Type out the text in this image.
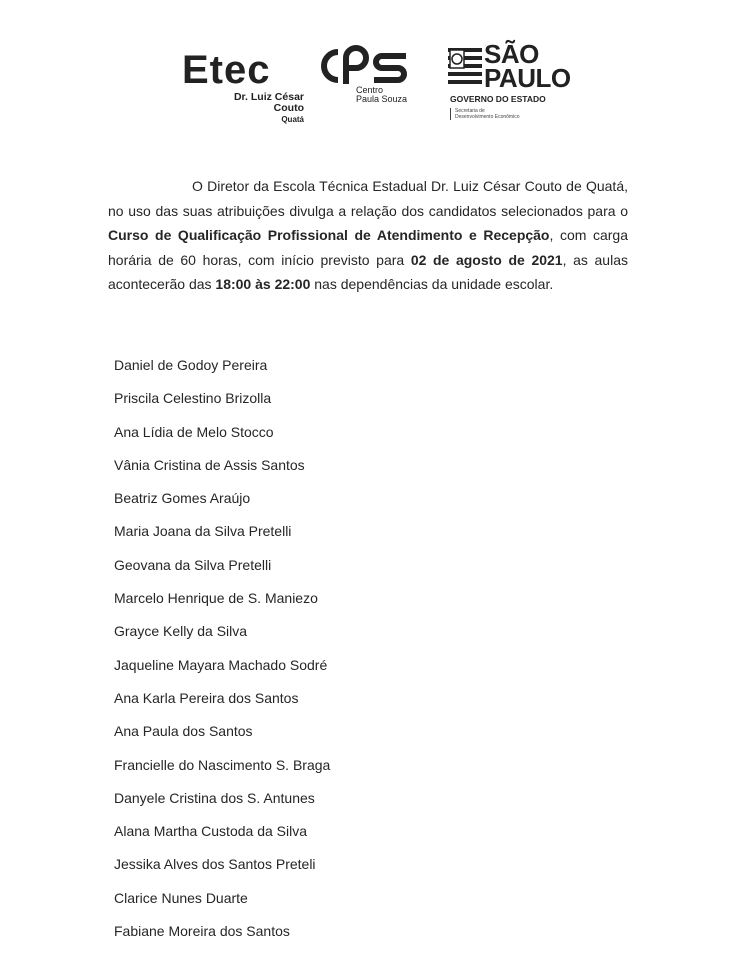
Etec
Dr. Luiz César
Couto
Quatá
Centro
Paula Souza
SÃO
PAULO
GOVERNO DO ESTADO
Secretaria de
Desenvolvimento Econômico
O Diretor da Escola Técnica Estadual Dr. Luiz César Couto de Quatá, no uso das suas atribuições divulga a relação dos candidatos selecionados para o Curso de Qualificação Profissional de Atendimento e Recepção, com carga horária de 60 horas, com início previsto para 02 de agosto de 2021, as aulas acontecerão das 18:00 às 22:00 nas dependências da unidade escolar.
Daniel de Godoy Pereira
Priscila Celestino Brizolla
Ana Lídia de Melo Stocco
Vânia Cristina de Assis Santos
Beatriz Gomes Araújo
Maria Joana da Silva Pretelli
Geovana da Silva Pretelli
Marcelo Henrique de S. Maniezo
Grayce Kelly da Silva
Jaqueline Mayara Machado Sodré
Ana Karla Pereira dos Santos
Ana Paula dos Santos
Francielle do Nascimento S. Braga
Danyele Cristina dos S. Antunes
Alana Martha Custoda da Silva
Jessika Alves dos Santos Preteli
Clarice Nunes Duarte
Fabiane Moreira dos Santos
